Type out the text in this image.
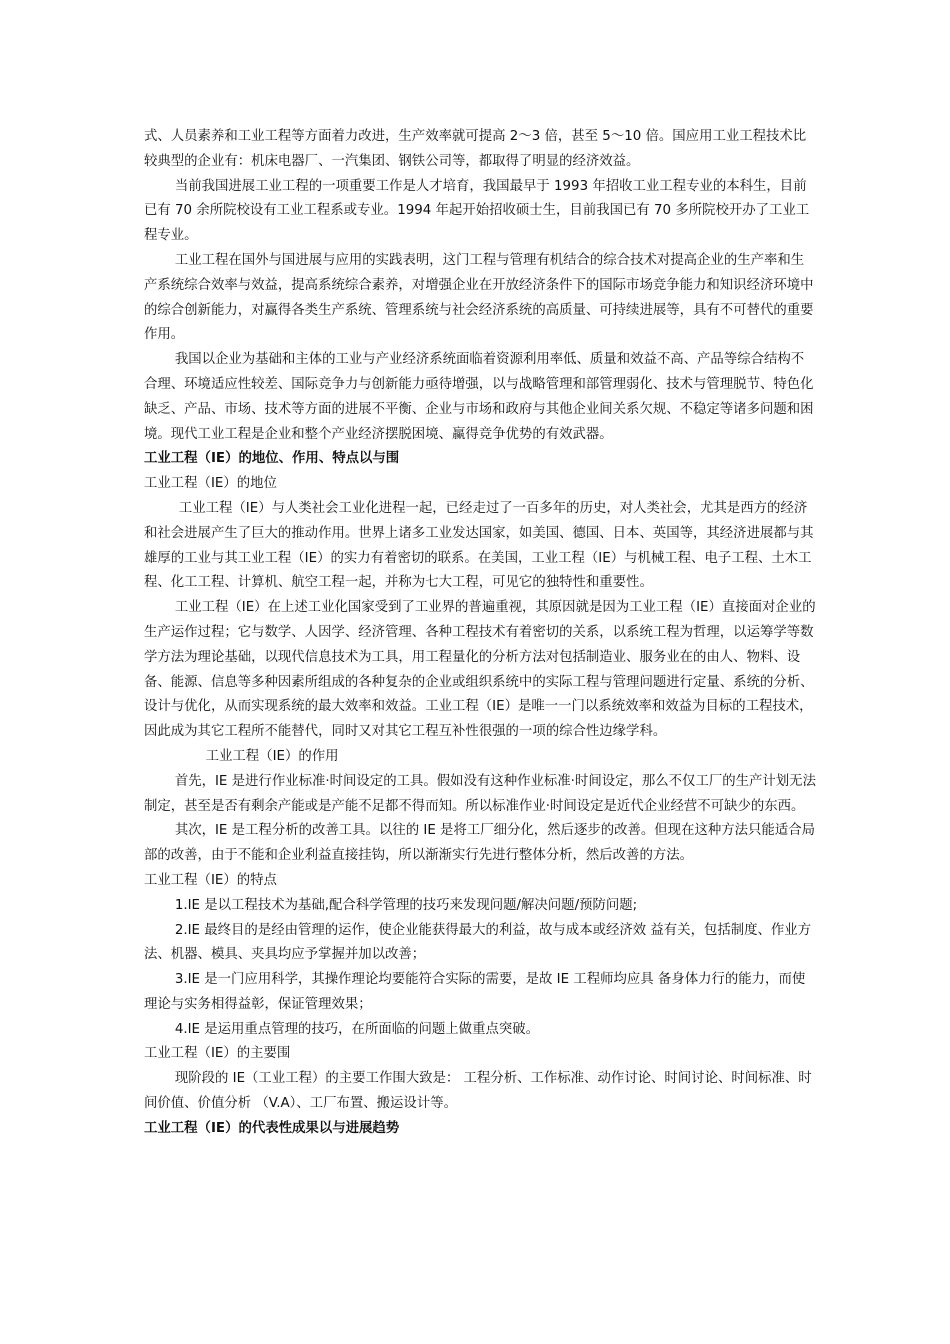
式、人员素养和工业工程等方面着力改进，生产效率就可提高 2～3 倍，甚至 5～10 倍。国应用工业工程技术比较典型的企业有：机床电器厂、一汽集团、钢铁公司等，都取得了明显的经济效益。

当前我国进展工业工程的一项重要工作是人才培育，我国最早于 1993 年招收工业工程专业的本科生，目前已有 70 余所院校设有工业工程系或专业。1994 年起开始招收硕士生，目前我国已有 70 多所院校开办了工业工程专业。

工业工程在国外与国进展与应用的实践表明，这门工程与管理有机结合的综合技术对提高企业的生产率和生产系统综合效率与效益，提高系统综合素养，对增强企业在开放经济条件下的国际市场竞争能力和知识经济环境中的综合创新能力，对赢得各类生产系统、管理系统与社会经济系统的高质量、可持续进展等，具有不可替代的重要作用。

我国以企业为基础和主体的工业与产业经济系统面临着资源利用率低、质量和效益不高、产品等综合结构不合理、环境适应性较差、国际竞争力与创新能力亟待增强，以与战略管理和部管理弱化、技术与管理脱节、特色化缺乏、产品、市场、技术等方面的进展不平衡、企业与市场和政府与其他企业间关系欠规、不稳定等诸多问题和困境。现代工业工程是企业和整个产业经济摆脱困境、赢得竞争优势的有效武器。

工业工程（IE）的地位、作用、特点以与围

工业工程（IE）的地位

工业工程（IE）与人类社会工业化进程一起，已经走过了一百多年的历史，对人类社会，尤其是西方的经济和社会进展产生了巨大的推动作用。世界上诸多工业发达国家，如美国、德国、日本、英国等，其经济进展都与其雄厚的工业与其工业工程（IE）的实力有着密切的联系。在美国，工业工程（IE）与机械工程、电子工程、土木工程、化工工程、计算机、航空工程一起，并称为七大工程，可见它的独特性和重要性。

工业工程（IE）在上述工业化国家受到了工业界的普遍重视，其原因就是因为工业工程（IE）直接面对企业的生产运作过程；它与数学、人因学、经济管理、各种工程技术有着密切的关系，以系统工程为哲理，以运筹学等数学方法为理论基础，以现代信息技术为工具，用工程量化的分析方法对包括制造业、服务业在的由人、物料、设备、能源、信息等多种因素所组成的各种复杂的企业或组织系统中的实际工程与管理问题进行定量、系统的分析、设计与优化，从而实现系统的最大效率和效益。工业工程（IE）是唯一一门以系统效率和效益为目标的工程技术，因此成为其它工程所不能替代，同时又对其它工程互补性很强的一项的综合性边缘学科。

工业工程（IE）的作用

首先，IE 是进行作业标准·时间设定的工具。假如没有这种作业标准·时间设定，那么不仅工厂的生产计划无法制定，甚至是否有剩余产能或是产能不足都不得而知。所以标准作业·时间设定是近代企业经营不可缺少的东西。

其次，IE 是工程分析的改善工具。以往的 IE 是将工厂细分化，然后逐步的改善。但现在这种方法只能适合局部的改善，由于不能和企业利益直接挂钩，所以渐渐实行先进行整体分析，然后改善的方法。

工业工程（IE）的特点

1.IE 是以工程技术为基础,配合科学管理的技巧来发现问题/解决问题/预防问题;

2.IE 最终目的是经由管理的运作，使企业能获得最大的利益，故与成本或经济效 益有关，包括制度、作业方法、机器、模具、夹具均应予掌握并加以改善；

3.IE 是一门应用科学，其操作理论均要能符合实际的需要，是故 IE 工程师均应具 备身体力行的能力，而使理论与实务相得益彰，保证管理效果；

4.IE 是运用重点管理的技巧，在所面临的问题上做重点突破。

工业工程（IE）的主要围

现阶段的 IE（工业工程）的主要工作围大致是： 工程分析、工作标准、动作讨论、时间讨论、时间标准、时间价值、价值分析 （V.A）、工厂布置、搬运设计等。

工业工程（IE）的代表性成果以与进展趋势
